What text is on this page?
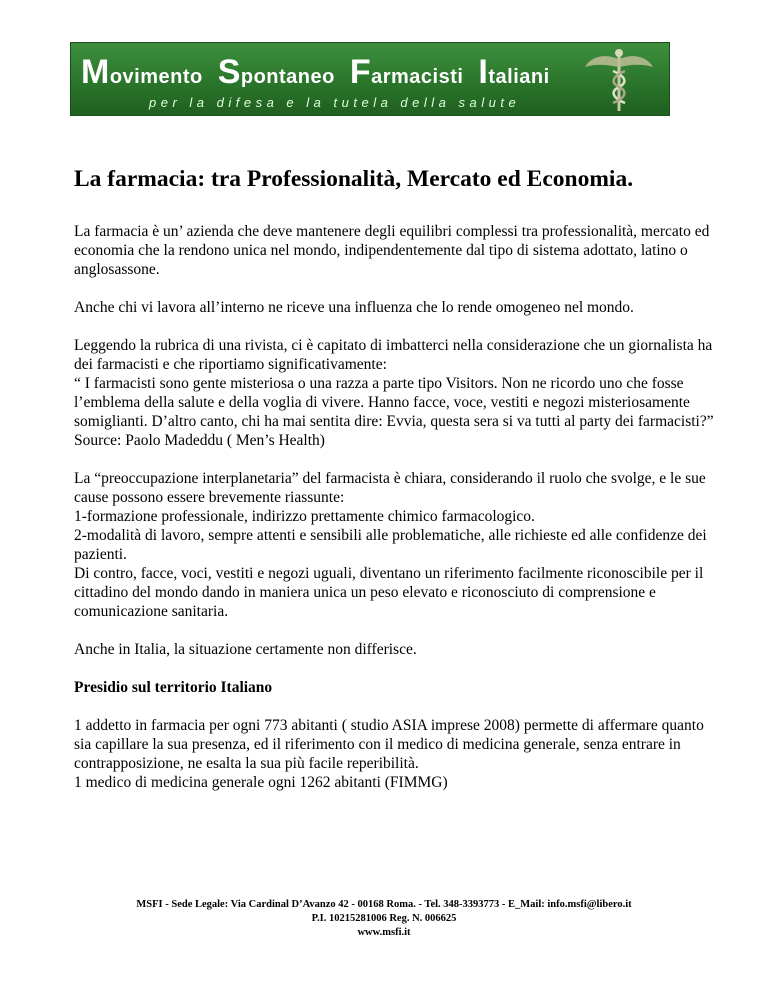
Movimento Spontaneo Farmacisti Italiani
per la difesa e la tutela della salute
La farmacia: tra Professionalità, Mercato ed Economia.

La farmacia è un’ azienda che deve mantenere degli equilibri complessi tra professionalità, mercato ed economia che la rendono unica nel mondo, indipendentemente dal tipo di sistema adottato, latino o anglosassone.

Anche chi vi lavora all’interno ne riceve una influenza che lo rende omogeneo nel mondo.

Leggendo la rubrica di una rivista, ci è capitato di imbatterci nella considerazione che un giornalista ha dei farmacisti e che riportiamo significativamente:
“ I farmacisti sono gente misteriosa o una razza a parte tipo Visitors. Non ne ricordo uno che fosse l’emblema della salute e della voglia di vivere. Hanno facce, voce, vestiti e negozi misteriosamente somiglianti. D’altro canto, chi ha mai sentita dire: Evvia, questa sera si va tutti al party dei farmacisti?”
Source: Paolo Madeddu ( Men’s Health)

La “preoccupazione interplanetaria” del farmacista è chiara, considerando il ruolo che svolge, e le sue cause possono essere brevemente riassunte:
1-formazione professionale, indirizzo prettamente chimico farmacologico.
2-modalità di lavoro, sempre attenti e sensibili alle problematiche, alle richieste ed alle confidenze dei pazienti.
Di contro, facce, voci, vestiti e negozi uguali, diventano un riferimento facilmente riconoscibile per il cittadino del mondo dando in maniera unica un peso elevato e riconosciuto di comprensione e comunicazione sanitaria.

Anche in Italia, la situazione certamente non differisce.

Presidio sul territorio Italiano

1 addetto in farmacia per ogni 773 abitanti ( studio ASIA imprese 2008) permette di affermare quanto sia capillare la sua presenza, ed il riferimento con il medico di medicina generale, senza entrare in contrapposizione, ne esalta la sua più facile reperibilità.
1 medico di medicina generale ogni 1262 abitanti (FIMMG)

MSFI - Sede Legale: Via Cardinal D’Avanzo 42 - 00168 Roma. - Tel. 348-3393773 - E_Mail: info.msfi@libero.it
P.I. 10215281006 Reg. N. 006625
www.msfi.it
